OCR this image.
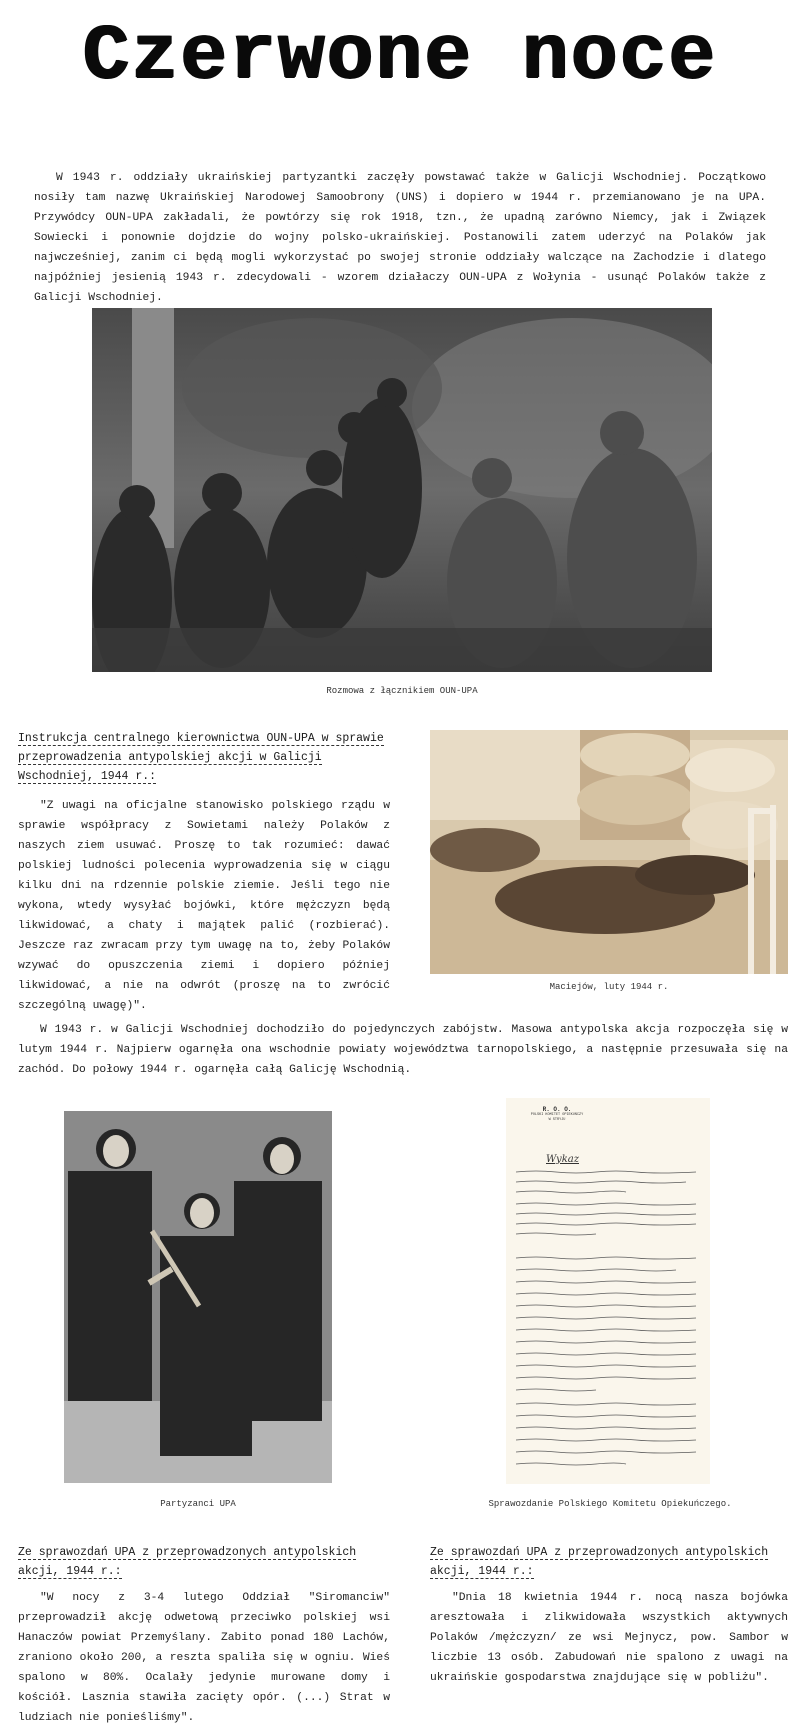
Czerwone noce

W 1943 r. oddziały ukraińskiej partyzantki zaczęły powstawać także w Galicji Wschodniej. Początkowo nosiły tam nazwę Ukraińskiej Narodowej Samoobrony (UNS) i dopiero w 1944 r. przemianowano je na UPA. Przywódcy OUN-UPA zakładali, że powtórzy się rok 1918, tzn., że upadną zarówno Niemcy, jak i Związek Sowiecki i ponownie dojdzie do wojny polsko-ukraińskiej. Postanowili zatem uderzyć na Polaków jak najwcześniej, zanim ci będą mogli wykorzystać po swojej stronie oddziały walczące na Zachodzie i dlatego najpóźniej jesienią 1943 r. zdecydowali - wzorem działaczy OUN-UPA z Wołynia - usunąć Polaków także z Galicji Wschodniej.

Rozmowa z łącznikiem OUN-UPA
Instrukcja centralnego kierownictwa OUN-UPA w sprawie przeprowadzenia antypolskiej akcji w Galicji Wschodniej, 1944 r.:

"Z uwagi na oficjalne stanowisko polskiego rządu w sprawie współpracy z Sowietami należy Polaków z naszych ziem usuwać. Proszę to tak rozumieć: dawać polskiej ludności polecenia wyprowadzenia się w ciągu kilku dni na rdzennie polskie ziemie. Jeśli tego nie wykona, wtedy wysyłać bojówki, które mężczyzn będą likwidować, a chaty i majątek palić (rozbierać). Jeszcze raz zwracam przy tym uwagę na to, żeby Polaków wzywać do opuszczenia ziemi i dopiero później likwidować, a nie na odwrót (proszę na to zwrócić szczególną uwagę)".

Maciejów, luty 1944 r.

W 1943 r. w Galicji Wschodniej dochodziło do pojedynczych zabójstw. Masowa antypolska akcja rozpoczęła się w lutym 1944 r. Najpierw ogarnęła ona wschodnie powiaty województwa tarnopolskiego, a następnie przesuwała się na zachód. Do połowy 1944 r. ogarnęła całą Galicję Wschodnią.

Partyzanci UPA
R. O. O.
POLSKI KOMITET OPIEKUŃCZY
W STRYJU
Wykaz
Sprawozdanie Polskiego Komitetu Opiekuńczego.
Ze sprawozdań UPA z przeprowadzonych antypolskich akcji, 1944 r.:

"W nocy z 3-4 lutego Oddział "Siromanciw" przeprowadził akcję odwetową przeciwko polskiej wsi Hanaczów powiat Przemyślany. Zabito ponad 180 Lachów, zraniono około 200, a reszta spaliła się w ogniu. Wieś spalono w 80%. Ocalały jedynie murowane domy i kościół. Lasznia stawiła zacięty opór. (...) Strat w ludziach nie ponieśliśmy".

Ze sprawozdań UPA z przeprowadzonych antypolskich akcji, 1944 r.:

"Dnia 18 kwietnia 1944 r. nocą nasza bojówka aresztowała i zlikwidowała wszystkich aktywnych Polaków /mężczyzn/ ze wsi Mejnycz, pow. Sambor w liczbie 13 osób. Zabudowań nie spalono z uwagi na ukraińskie gospodarstwa znajdujące się w pobliżu".
